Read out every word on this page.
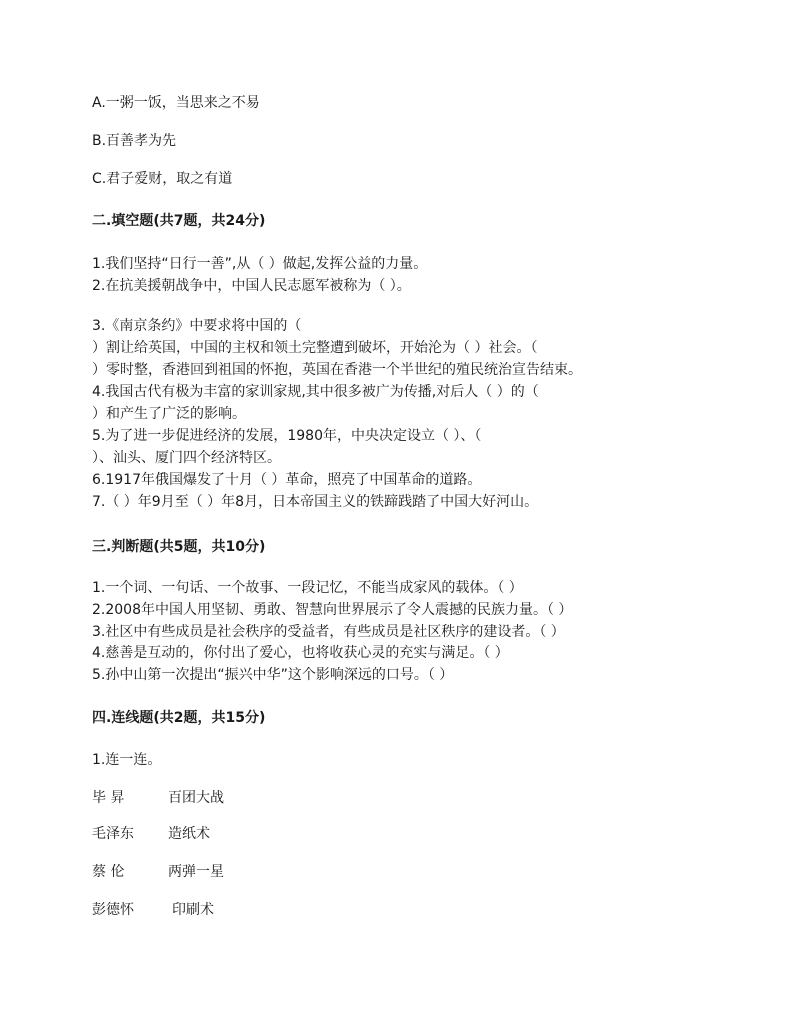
A.一粥一饭，当思来之不易
B.百善孝为先
C.君子爱财，取之有道
二.填空题(共7题，共24分)
1.我们坚持“日行一善”,从（ ）做起,发挥公益的力量。
2.在抗美援朝战争中，中国人民志愿军被称为（ ）。
3.《南京条约》中要求将中国的（
）割让给英国，中国的主权和领土完整遭到破坏，开始沦为（ ）社会。（
）零时整，香港回到祖国的怀抱，英国在香港一个半世纪的殖民统治宣告结束。
4.我国古代有极为丰富的家训家规,其中很多被广为传播,对后人（ ）的（
）和产生了广泛的影响。
5.为了进一步促进经济的发展，1980年，中央决定设立（ ）、（
）、汕头、厦门四个经济特区。
6.1917年俄国爆发了十月（ ）革命，照亮了中国革命的道路。
7.（ ）年9月至（ ）年8月，日本帝国主义的铁蹄践踏了中国大好河山。
三.判断题(共5题，共10分)
1.一个词、一句话、一个故事、一段记忆，不能当成家风的载体。（ ）
2.2008年中国人用坚韧、勇敢、智慧向世界展示了令人震撼的民族力量。（ ）
3.社区中有些成员是社会秩序的受益者，有些成员是社区秩序的建设者。（ ）
4.慈善是互动的，你付出了爱心，也将收获心灵的充实与满足。（ ）
5.孙中山第一次提出“振兴中华”这个影响深远的口号。（ ）
四.连线题(共2题，共15分)
1.连一连。
毕 昇	百团大战
毛泽东 造纸术
蔡 伦	两弹一星
彭德怀	印刷术
